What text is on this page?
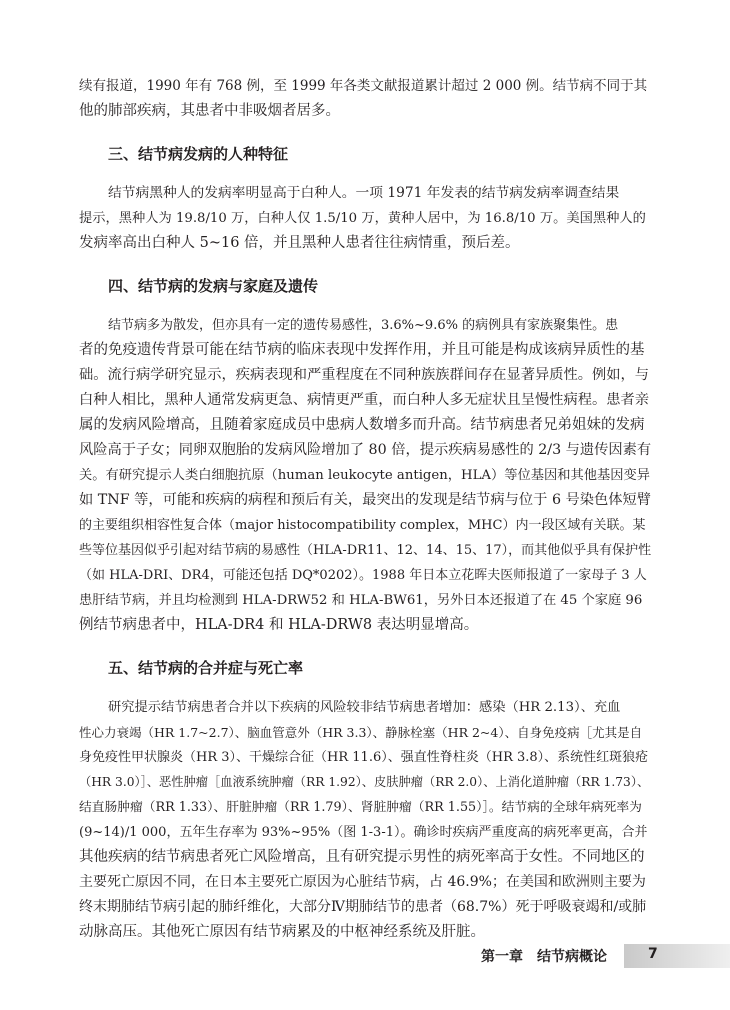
续有报道，1990 年有 768 例，至 1999 年各类文献报道累计超过 2 000 例。结节病不同于其
他的肺部疾病，其患者中非吸烟者居多。
三、结节病发病的人种特征
结节病黑种人的发病率明显高于白种人。一项 1971 年发表的结节病发病率调查结果
提示，黑种人为 19.8/10 万，白种人仅 1.5/10 万，黄种人居中，为 16.8/10 万。美国黑种人的
发病率高出白种人 5~16 倍，并且黑种人患者往往病情重，预后差。
四、结节病的发病与家庭及遗传
结节病多为散发，但亦具有一定的遗传易感性，3.6%~9.6% 的病例具有家族聚集性。患
者的免疫遗传背景可能在结节病的临床表现中发挥作用，并且可能是构成该病异质性的基
础。流行病学研究显示，疾病表现和严重程度在不同种族族群间存在显著异质性。例如，与
白种人相比，黑种人通常发病更急、病情更严重，而白种人多无症状且呈慢性病程。患者亲
属的发病风险增高，且随着家庭成员中患病人数增多而升高。结节病患者兄弟姐妹的发病
风险高于子女；同卵双胞胎的发病风险增加了 80 倍，提示疾病易感性的 2/3 与遗传因素有
关。有研究提示人类白细胞抗原（human leukocyte antigen，HLA）等位基因和其他基因变异
如 TNF 等，可能和疾病的病程和预后有关，最突出的发现是结节病与位于 6 号染色体短臂
的主要组织相容性复合体（major histocompatibility complex，MHC）内一段区域有关联。某
些等位基因似乎引起对结节病的易感性（HLA-DR11、12、14、15、17），而其他似乎具有保护性
（如 HLA-DRI、DR4，可能还包括 DQ*0202）。1988 年日本立花晖夫医师报道了一家母子 3 人
患肝结节病，并且均检测到 HLA-DRW52 和 HLA-BW61，另外日本还报道了在 45 个家庭 96
例结节病患者中，HLA-DR4 和 HLA-DRW8 表达明显增高。
五、结节病的合并症与死亡率
研究提示结节病患者合并以下疾病的风险较非结节病患者增加：感染（HR 2.13）、充血
性心力衰竭（HR 1.7~2.7）、脑血管意外（HR 3.3）、静脉栓塞（HR 2~4）、自身免疫病［尤其是自
身免疫性甲状腺炎（HR 3）、干燥综合征（HR 11.6）、强直性脊柱炎（HR 3.8）、系统性红斑狼疮
（HR 3.0）］、恶性肿瘤［血液系统肿瘤（RR 1.92）、皮肤肿瘤（RR 2.0）、上消化道肿瘤（RR 1.73）、
结直肠肿瘤（RR 1.33）、肝脏肿瘤（RR 1.79）、肾脏肿瘤（RR 1.55）］。结节病的全球年病死率为
(9~14)/1 000，五年生存率为 93%~95%（图 1-3-1）。确诊时疾病严重度高的病死率更高，合并
其他疾病的结节病患者死亡风险增高，且有研究提示男性的病死率高于女性。不同地区的
主要死亡原因不同，在日本主要死亡原因为心脏结节病，占 46.9%；在美国和欧洲则主要为
终末期肺结节病引起的肺纤维化，大部分Ⅳ期肺结节的患者（68.7%）死于呼吸衰竭和/或肺
动脉高压。其他死亡原因有结节病累及的中枢神经系统及肝脏。
第一章　结节病概论	7
